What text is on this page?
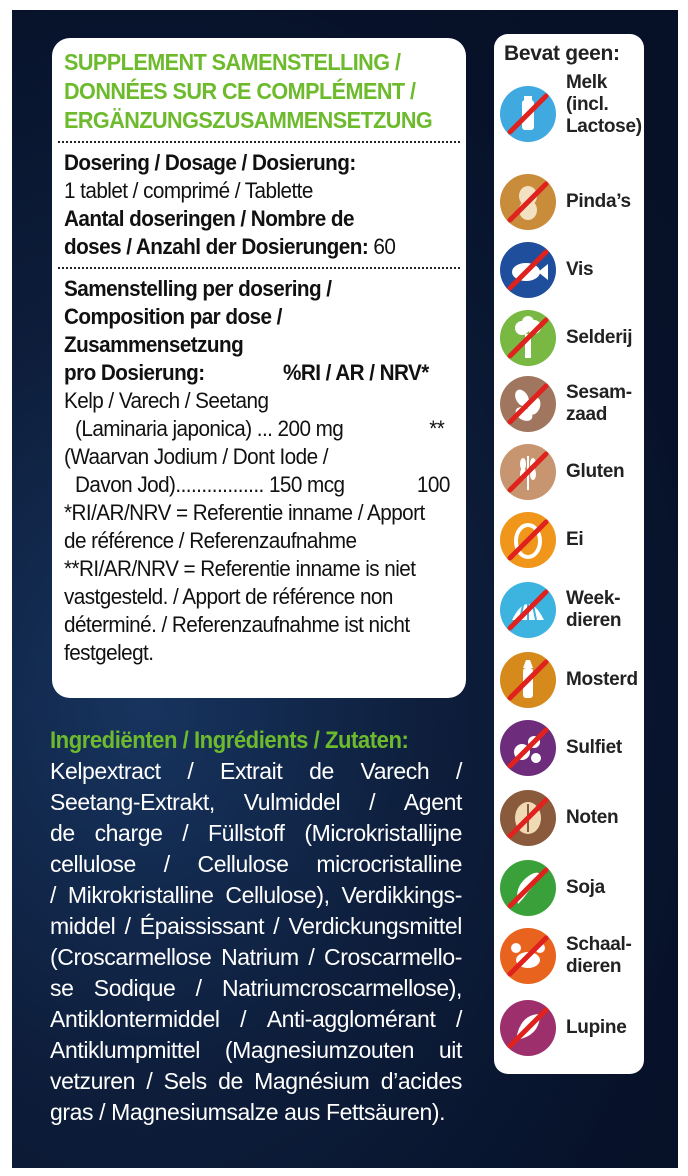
SUPPLEMENT SAMENSTELLING /
DONNÉES SUR CE COMPLÉMENT /
ERGÄNZUNGSZUSAMMENSETZUNG
Dosering / Dosage / Dosierung:
1 tablet / comprimé / Tablette
Aantal doseringen / Nombre de
doses / Anzahl der Dosierungen: 60
Samenstelling per dosering /
Composition par dose /
Zusammensetzung
pro Dosierung:	%RI / AR / NRV*
Kelp / Varech / Seetang
(Laminaria japonica) ... 200 mg	**
(Waarvan Jodium / Dont Iode /
Davon Jod)................. 150 mcg	100
*RI/AR/NRV = Referentie inname / Apport
de référence / Referenzaufnahme
**RI/AR/NRV = Referentie inname is niet
vastgesteld. / Apport de référence non
déterminé. / Referenzaufnahme ist nicht
festgelegt.
Ingrediënten / Ingrédients / Zutaten:
Kelpextract / Extrait de Varech /
Seetang-Extrakt, Vulmiddel / Agent
de charge / Füllstoff (Microkristallijne
cellulose / Cellulose microcristalline
/ Mikrokristalline Cellulose), Verdikkings-
middel / Épaississant / Verdickungsmittel
(Croscarmellose Natrium / Croscarmello-
se Sodique / Natriumcroscarmellose),
Antiklontermiddel / Anti-agglomérant /
Antiklumpmittel (Magnesiumzouten uit
vetzuren / Sels de Magnésium d’acides
gras / Magnesiumsalze aus Fettsäuren).
Bevat geen:
Melk
(incl.
Lactose)
Pinda’s
Vis
Selderij
Sesam-
zaad
Gluten
Ei
Week-
dieren
Mosterd
Sulfiet
Noten
Soja
Schaal-
dieren
Lupine
